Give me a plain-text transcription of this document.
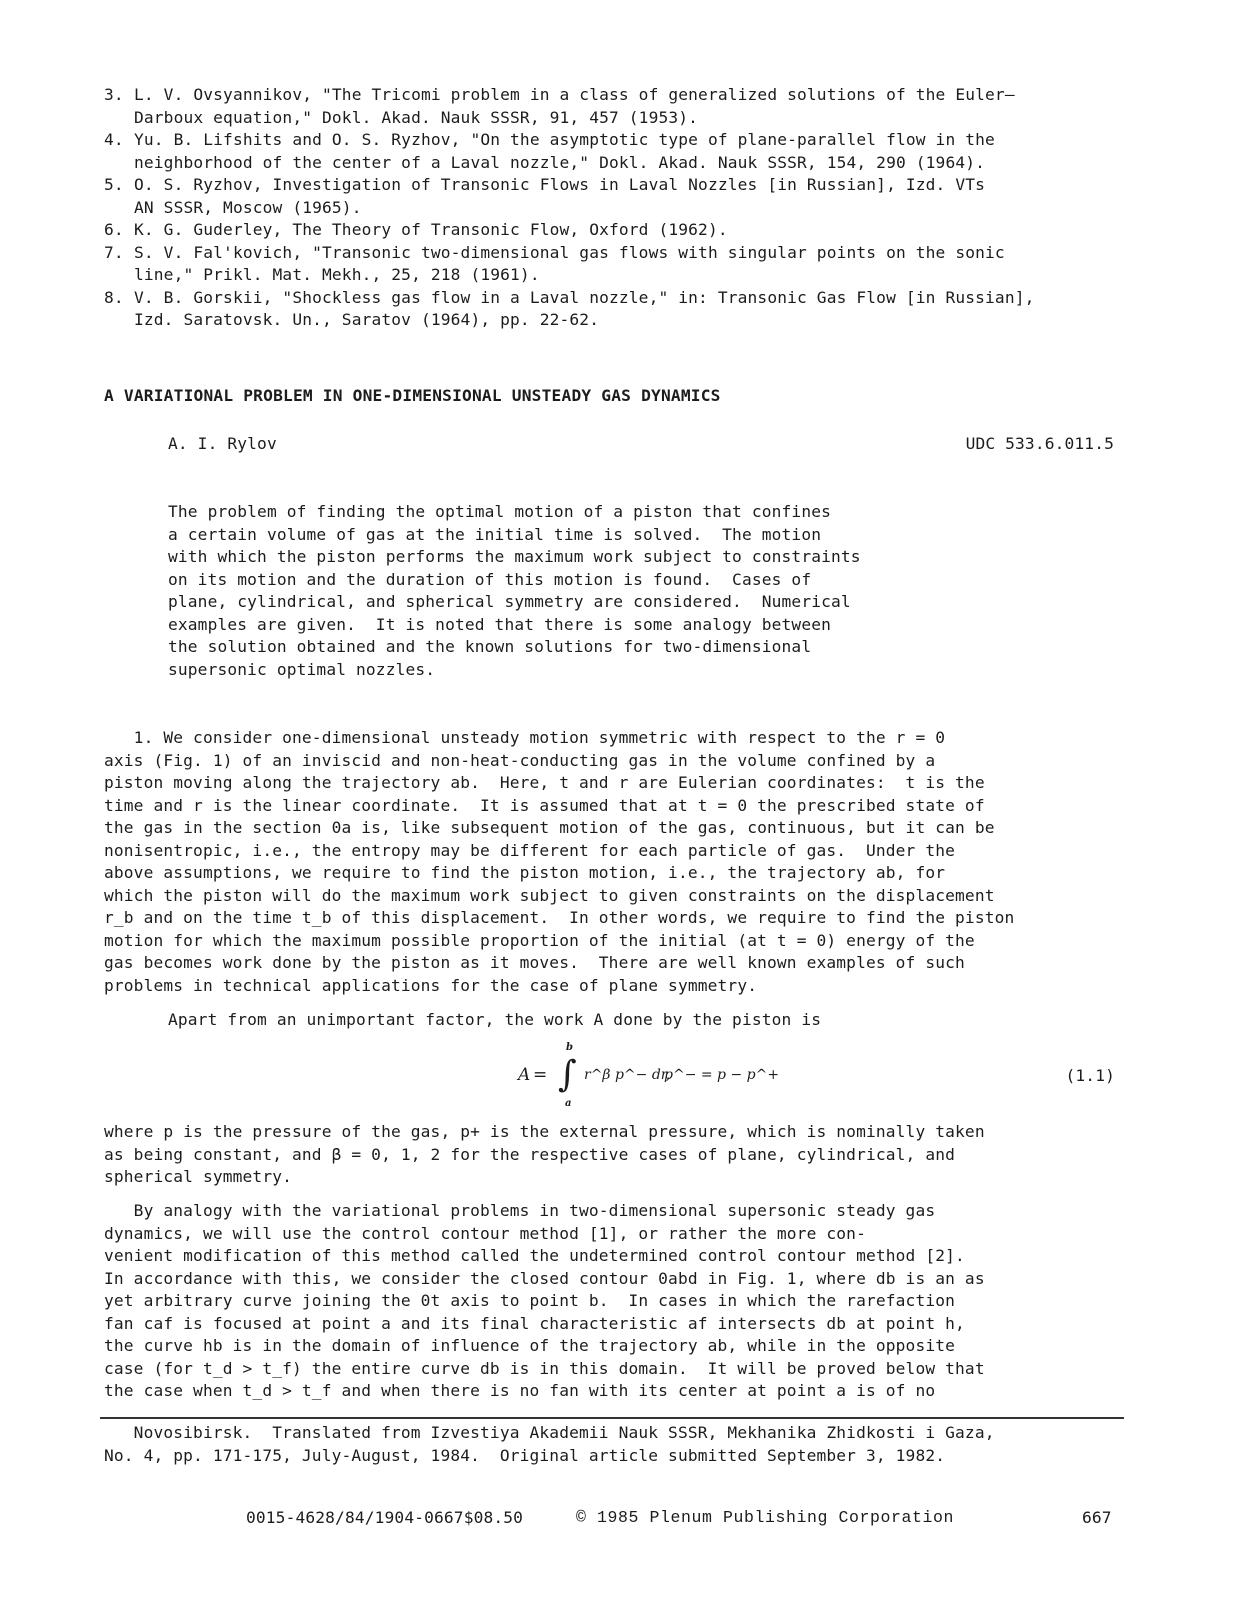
3. L. V. Ovsyannikov, "The Tricomi problem in a class of generalized solutions of the Euler—
Darboux equation," Dokl. Akad. Nauk SSSR, 91, 457 (1953).
4. Yu. B. Lifshits and O. S. Ryzhov, "On the asymptotic type of plane-parallel flow in the
neighborhood of the center of a Laval nozzle," Dokl. Akad. Nauk SSSR, 154, 290 (1964).
5. O. S. Ryzhov, Investigation of Transonic Flows in Laval Nozzles [in Russian], Izd. VTs
AN SSSR, Moscow (1965).
6. K. G. Guderley, The Theory of Transonic Flow, Oxford (1962).
7. S. V. Fal'kovich, "Transonic two-dimensional gas flows with singular points on the sonic
line," Prikl. Mat. Mekh., 25, 218 (1961).
8. V. B. Gorskii, "Shockless gas flow in a Laval nozzle," in: Transonic Gas Flow [in Russian],
Izd. Saratovsk. Un., Saratov (1964), pp. 22-62.
A VARIATIONAL PROBLEM IN ONE-DIMENSIONAL UNSTEADY GAS DYNAMICS
A. I. Rylov	UDC 533.6.011.5
The problem of finding the optimal motion of a piston that confines
a certain volume of gas at the initial time is solved.  The motion
with which the piston performs the maximum work subject to constraints
on its motion and the duration of this motion is found.  Cases of
plane, cylindrical, and spherical symmetry are considered.  Numerical
examples are given.  It is noted that there is some analogy between
the solution obtained and the known solutions for two-dimensional
supersonic optimal nozzles.
1. We consider one-dimensional unsteady motion symmetric with respect to the r = 0
axis (Fig. 1) of an inviscid and non-heat-conducting gas in the volume confined by a
piston moving along the trajectory ab.  Here, t and r are Eulerian coordinates:  t is the
time and r is the linear coordinate.  It is assumed that at t = 0 the prescribed state of
the gas in the section 0a is, like subsequent motion of the gas, continuous, but it can be
nonisentropic, i.e., the entropy may be different for each particle of gas.  Under the
above assumptions, we require to find the piston motion, i.e., the trajectory ab, for
which the piston will do the maximum work subject to given constraints on the displacement
r_b and on the time t_b of this displacement.  In other words, we require to find the piston
motion for which the maximum possible proportion of the initial (at t = 0) energy of the
gas becomes work done by the piston as it moves.  There are well known examples of such
problems in technical applications for the case of plane symmetry.
Apart from an unimportant factor, the work A done by the piston is
A =
b
∫
a
r^β p^− dr,
p^− = p − p^+	(1.1)
where p is the pressure of the gas, p+ is the external pressure, which is nominally taken
as being constant, and β = 0, 1, 2 for the respective cases of plane, cylindrical, and
spherical symmetry.
By analogy with the variational problems in two-dimensional supersonic steady gas
dynamics, we will use the control contour method [1], or rather the more con-
venient modification of this method called the undetermined control contour method [2].
In accordance with this, we consider the closed contour 0abd in Fig. 1, where db is an as
yet arbitrary curve joining the 0t axis to point b.  In cases in which the rarefaction
fan caf is focused at point a and its final characteristic af intersects db at point h,
the curve hb is in the domain of influence of the trajectory ab, while in the opposite
case (for t_d > t_f) the entire curve db is in this domain.  It will be proved below that
the case when t_d > t_f and when there is no fan with its center at point a is of no
Novosibirsk.  Translated from Izvestiya Akademii Nauk SSSR, Mekhanika Zhidkosti i Gaza,
No. 4, pp. 171-175, July-August, 1984.  Original article submitted September 3, 1982.
0015-4628/84/1904-0667$08.50	© 1985 Plenum Publishing Corporation	667
